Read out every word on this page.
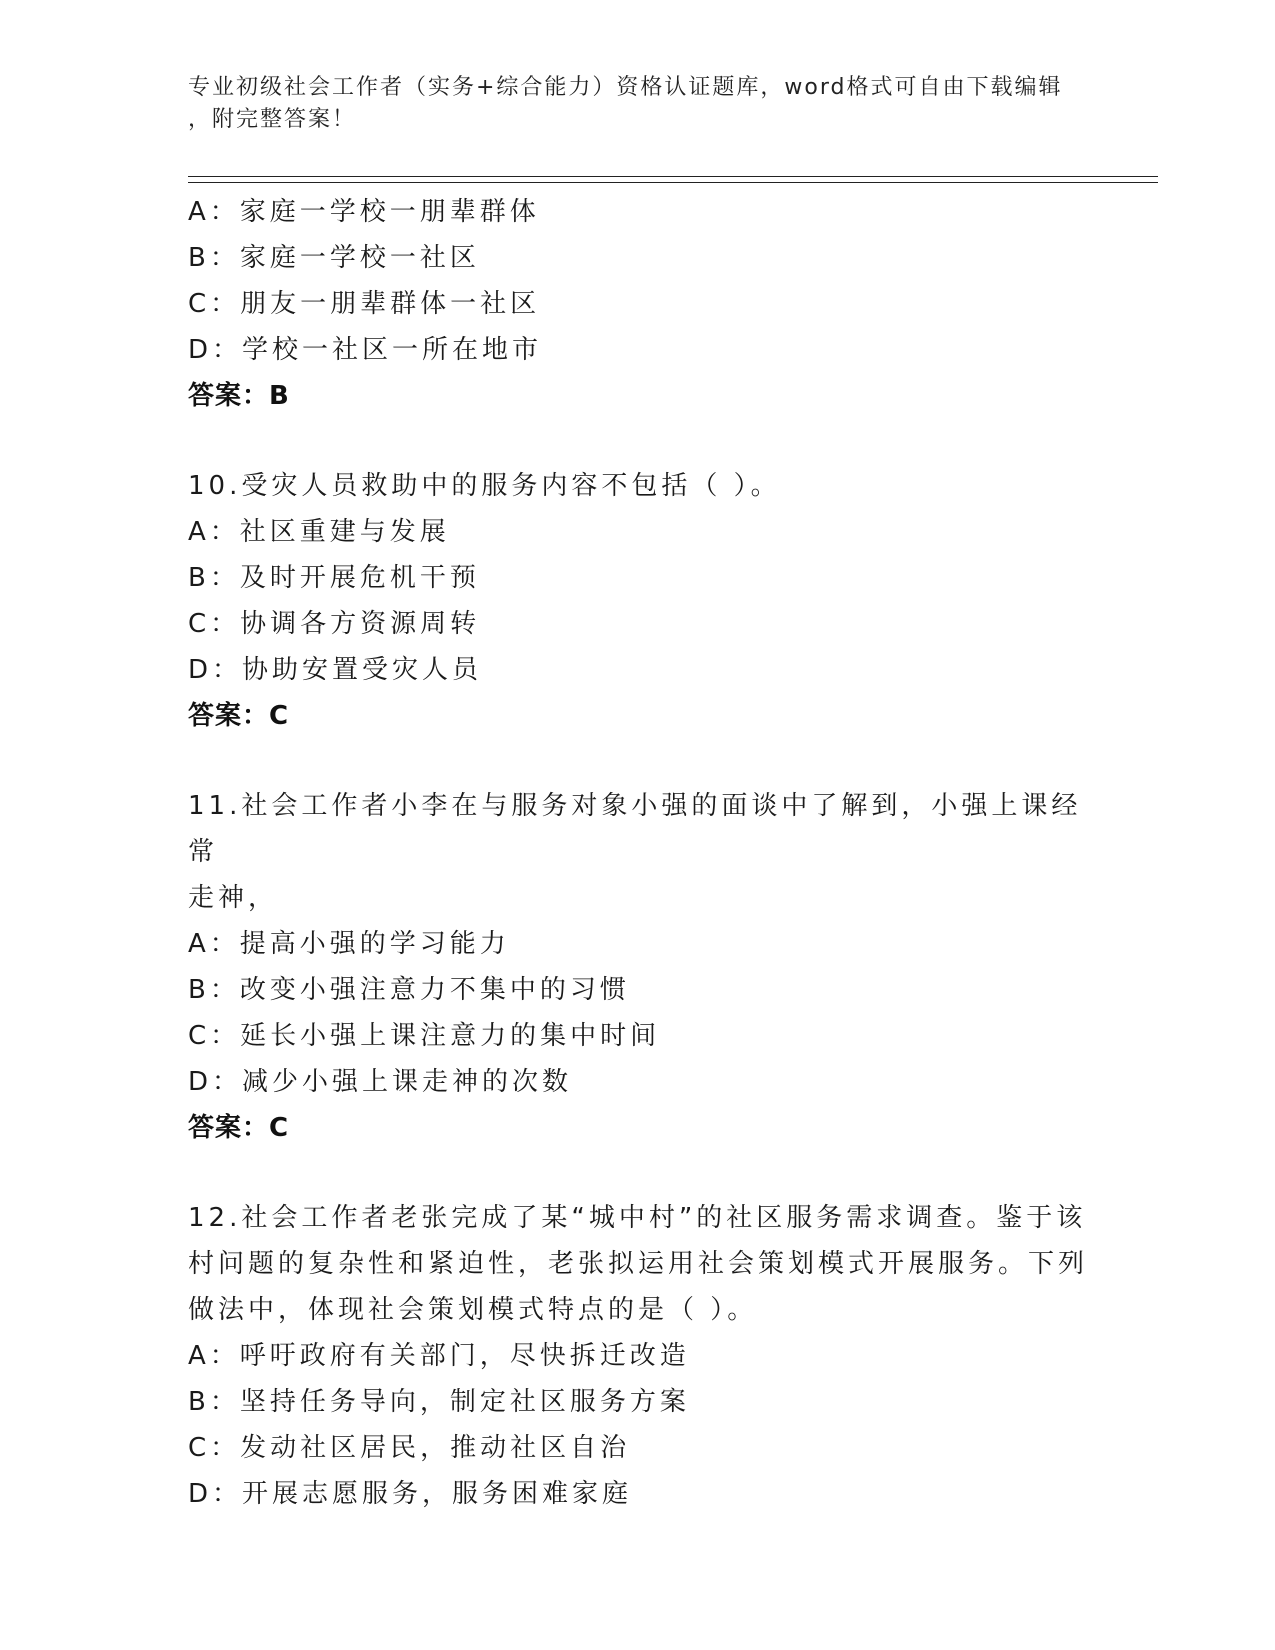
专业初级社会工作者（实务+综合能力）资格认证题库，word格式可自由下载编辑
，附完整答案！
A：家庭一学校一朋辈群体
B：家庭一学校一社区
C：朋友一朋辈群体一社区
D：学校一社区一所在地市
答案：B
10.受灾人员救助中的服务内容不包括（ ）。
A：社区重建与发展
B：及时开展危机干预
C：协调各方资源周转
D：协助安置受灾人员
答案：C
11.社会工作者小李在与服务对象小强的面谈中了解到，小强上课经常
走神，
A：提高小强的学习能力
B：改变小强注意力不集中的习惯
C：延长小强上课注意力的集中时间
D：减少小强上课走神的次数
答案：C
12.社会工作者老张完成了某“城中村”的社区服务需求调查。鉴于该
村问题的复杂性和紧迫性，老张拟运用社会策划模式开展服务。下列
做法中，体现社会策划模式特点的是（ ）。
A：呼吁政府有关部门，尽快拆迁改造
B：坚持任务导向，制定社区服务方案
C：发动社区居民，推动社区自治
D：开展志愿服务，服务困难家庭
